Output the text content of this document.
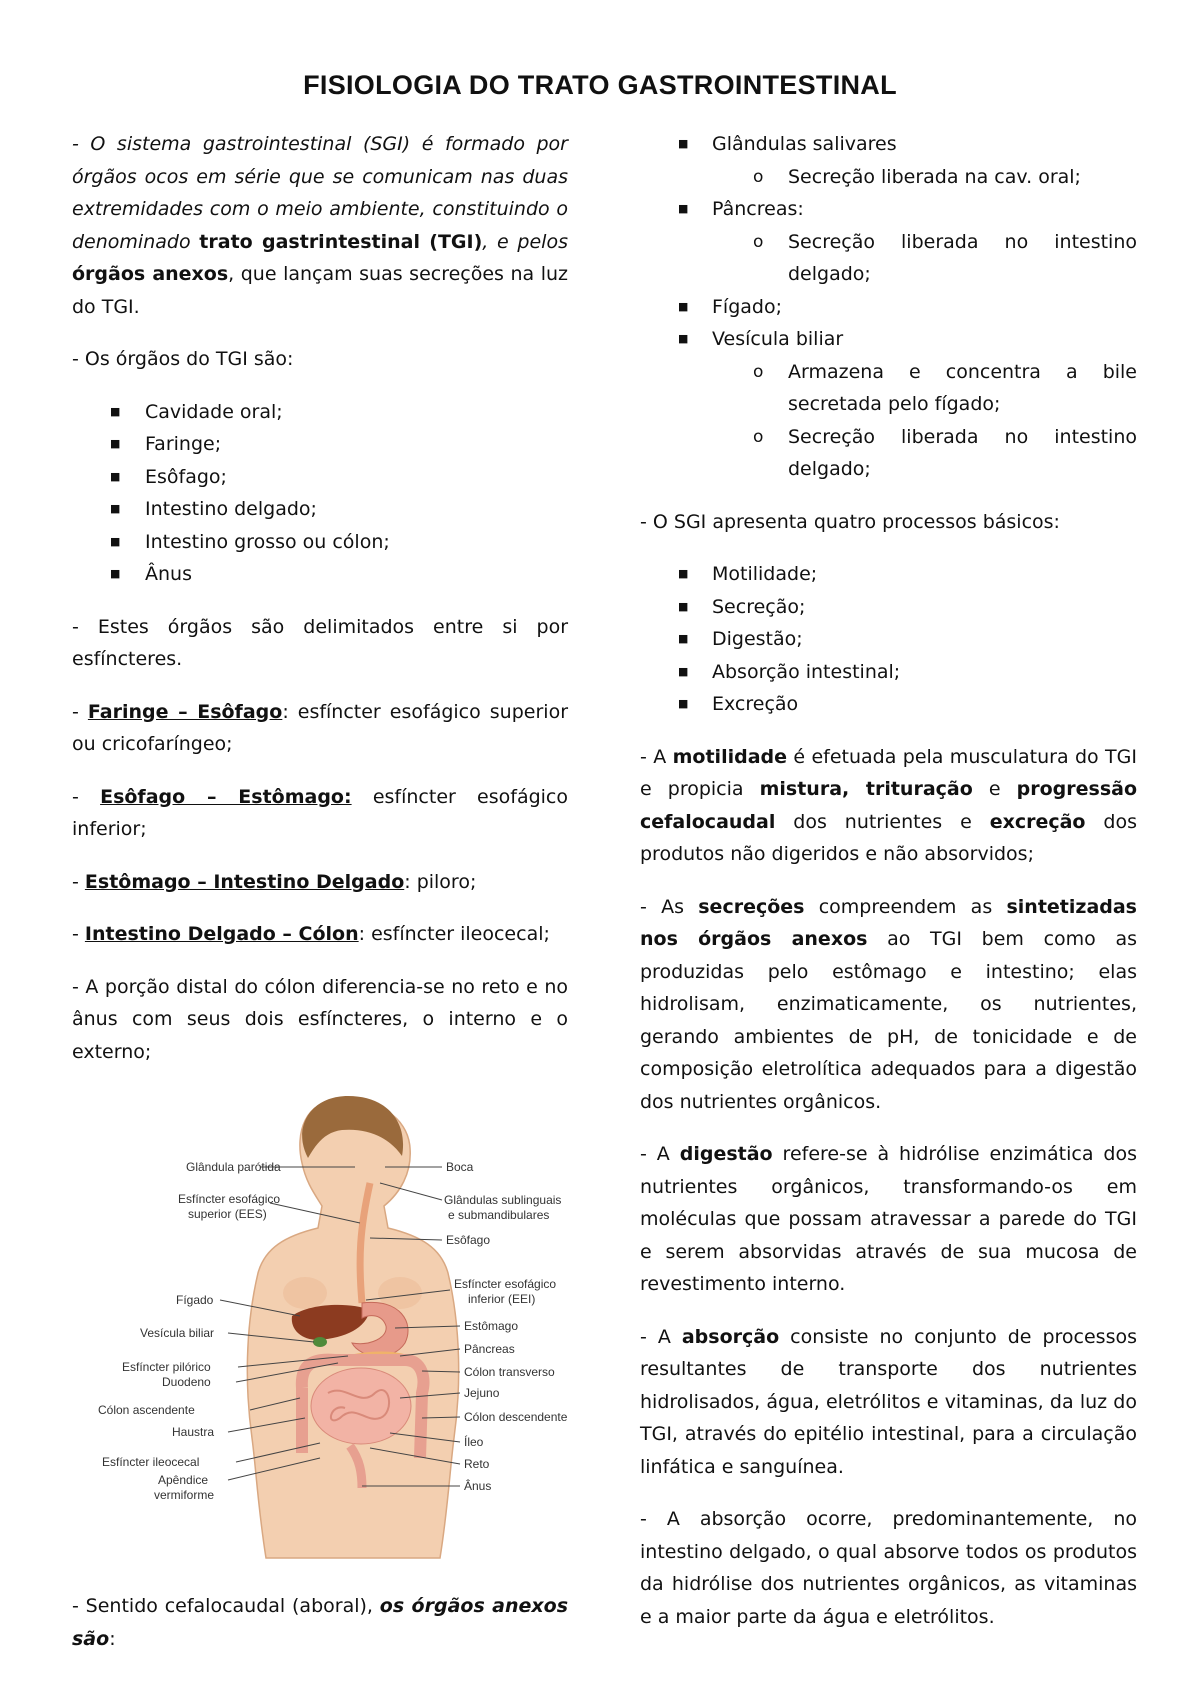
FISIOLOGIA DO TRATO GASTROINTESTINAL

- O sistema gastrointestinal (SGI) é formado por órgãos ocos em série que se comunicam nas duas extremidades com o meio ambiente, constituindo o denominado trato gastrintestinal (TGI), e pelos órgãos anexos, que lançam suas secreções na luz do TGI.

- Os órgãos do TGI são:

■ Cavidade oral;
■ Faringe;
■ Esôfago;
■ Intestino delgado;
■ Intestino grosso ou cólon;
■ Ânus

- Estes órgãos são delimitados entre si por esfíncteres.

- Faringe – Esôfago: esfíncter esofágico superior ou cricofaríngeo;

- Esôfago – Estômago: esfíncter esofágico inferior;

- Estômago – Intestino Delgado: piloro;

- Intestino Delgado – Cólon: esfíncter ileocecal;

- A porção distal do cólon diferencia-se no reto e no ânus com seus dois esfíncteres, o interno e o externo;

Glândula parótida
Esfíncter esofágico
superior (EES)
Fígado
Vesícula biliar
Esfíncter pilórico
Duodeno
Cólon ascendente
Haustra
Esfíncter ileocecal
Apêndice
vermiforme
Boca
Glândulas sublinguais
e submandibulares
Esôfago
Esfíncter esofágico
inferior (EEI)
Estômago
Pâncreas
Cólon transverso
Jejuno
Cólon descendente
Íleo
Reto
Ânus

- Sentido cefalocaudal (aboral), os órgãos anexos são:

■ Glândulas salivares
o Secreção liberada na cav. oral;
■ Pâncreas:
o Secreção liberada no intestino delgado;
■ Fígado;
■ Vesícula biliar
o Armazena e concentra a bile secretada pelo fígado;
o Secreção liberada no intestino delgado;

- O SGI apresenta quatro processos básicos:

■ Motilidade;
■ Secreção;
■ Digestão;
■ Absorção intestinal;
■ Excreção

- A motilidade é efetuada pela musculatura do TGI e propicia mistura, trituração e progressão cefalocaudal dos nutrientes e excreção dos produtos não digeridos e não absorvidos;

- As secreções compreendem as sintetizadas nos órgãos anexos ao TGI bem como as produzidas pelo estômago e intestino; elas hidrolisam, enzimaticamente, os nutrientes, gerando ambientes de pH, de tonicidade e de composição eletrolítica adequados para a digestão dos nutrientes orgânicos.

- A digestão refere-se à hidrólise enzimática dos nutrientes orgânicos, transformando-os em moléculas que possam atravessar a parede do TGI e serem absorvidas através de sua mucosa de revestimento interno.

- A absorção consiste no conjunto de processos resultantes de transporte dos nutrientes hidrolisados, água, eletrólitos e vitaminas, da luz do TGI, através do epitélio intestinal, para a circulação linfática e sanguínea.

- A absorção ocorre, predominantemente, no intestino delgado, o qual absorve todos os produtos da hidrólise dos nutrientes orgânicos, as vitaminas e a maior parte da água e eletrólitos.
